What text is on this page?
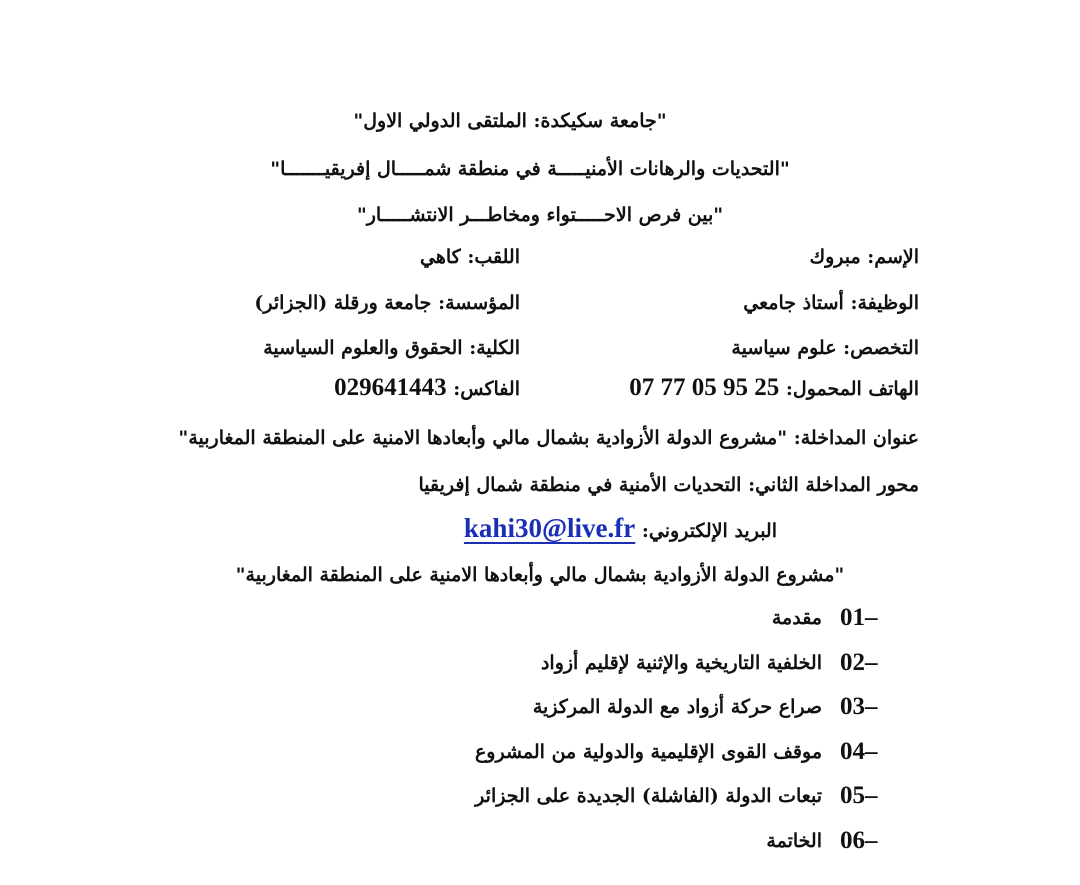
"جامعة سكيكدة: الملتقى الدولي الاول"
"التحديات والرهانات الأمنيـــــة في منطقة شمـــــال إفريقيـــــــا"
"بين فرص الاحـــــتواء ومخاطـــر الانتشـــــار"
الإسم: مبروك
الوظيفة: أستاذ جامعي
التخصص: علوم سياسية
الهاتف المحمول: 07 77 05 95 25
اللقب: كاهي
المؤسسة: جامعة ورقلة (الجزائر)
الكلية: الحقوق والعلوم السياسية
الفاكس: 029641443
عنوان المداخلة: "مشروع الدولة الأزوادية بشمال مالي وأبعادها الامنية على المنطقة المغاربية"
محور المداخلة الثاني: التحديات الأمنية في منطقة شمال إفريقيا
البريد الإلكتروني: kahi30@live.fr
"مشروع الدولة الأزوادية بشمال مالي وأبعادها الامنية على المنطقة المغاربية"
01–
مقدمة
02–
الخلفية التاريخية والإثنية لإقليم أزواد
03–
صراع حركة أزواد مع الدولة المركزية
04–
موقف القوى الإقليمية والدولية من المشروع
05–
تبعات الدولة (الفاشلة) الجديدة على الجزائر
06–
الخاتمة
